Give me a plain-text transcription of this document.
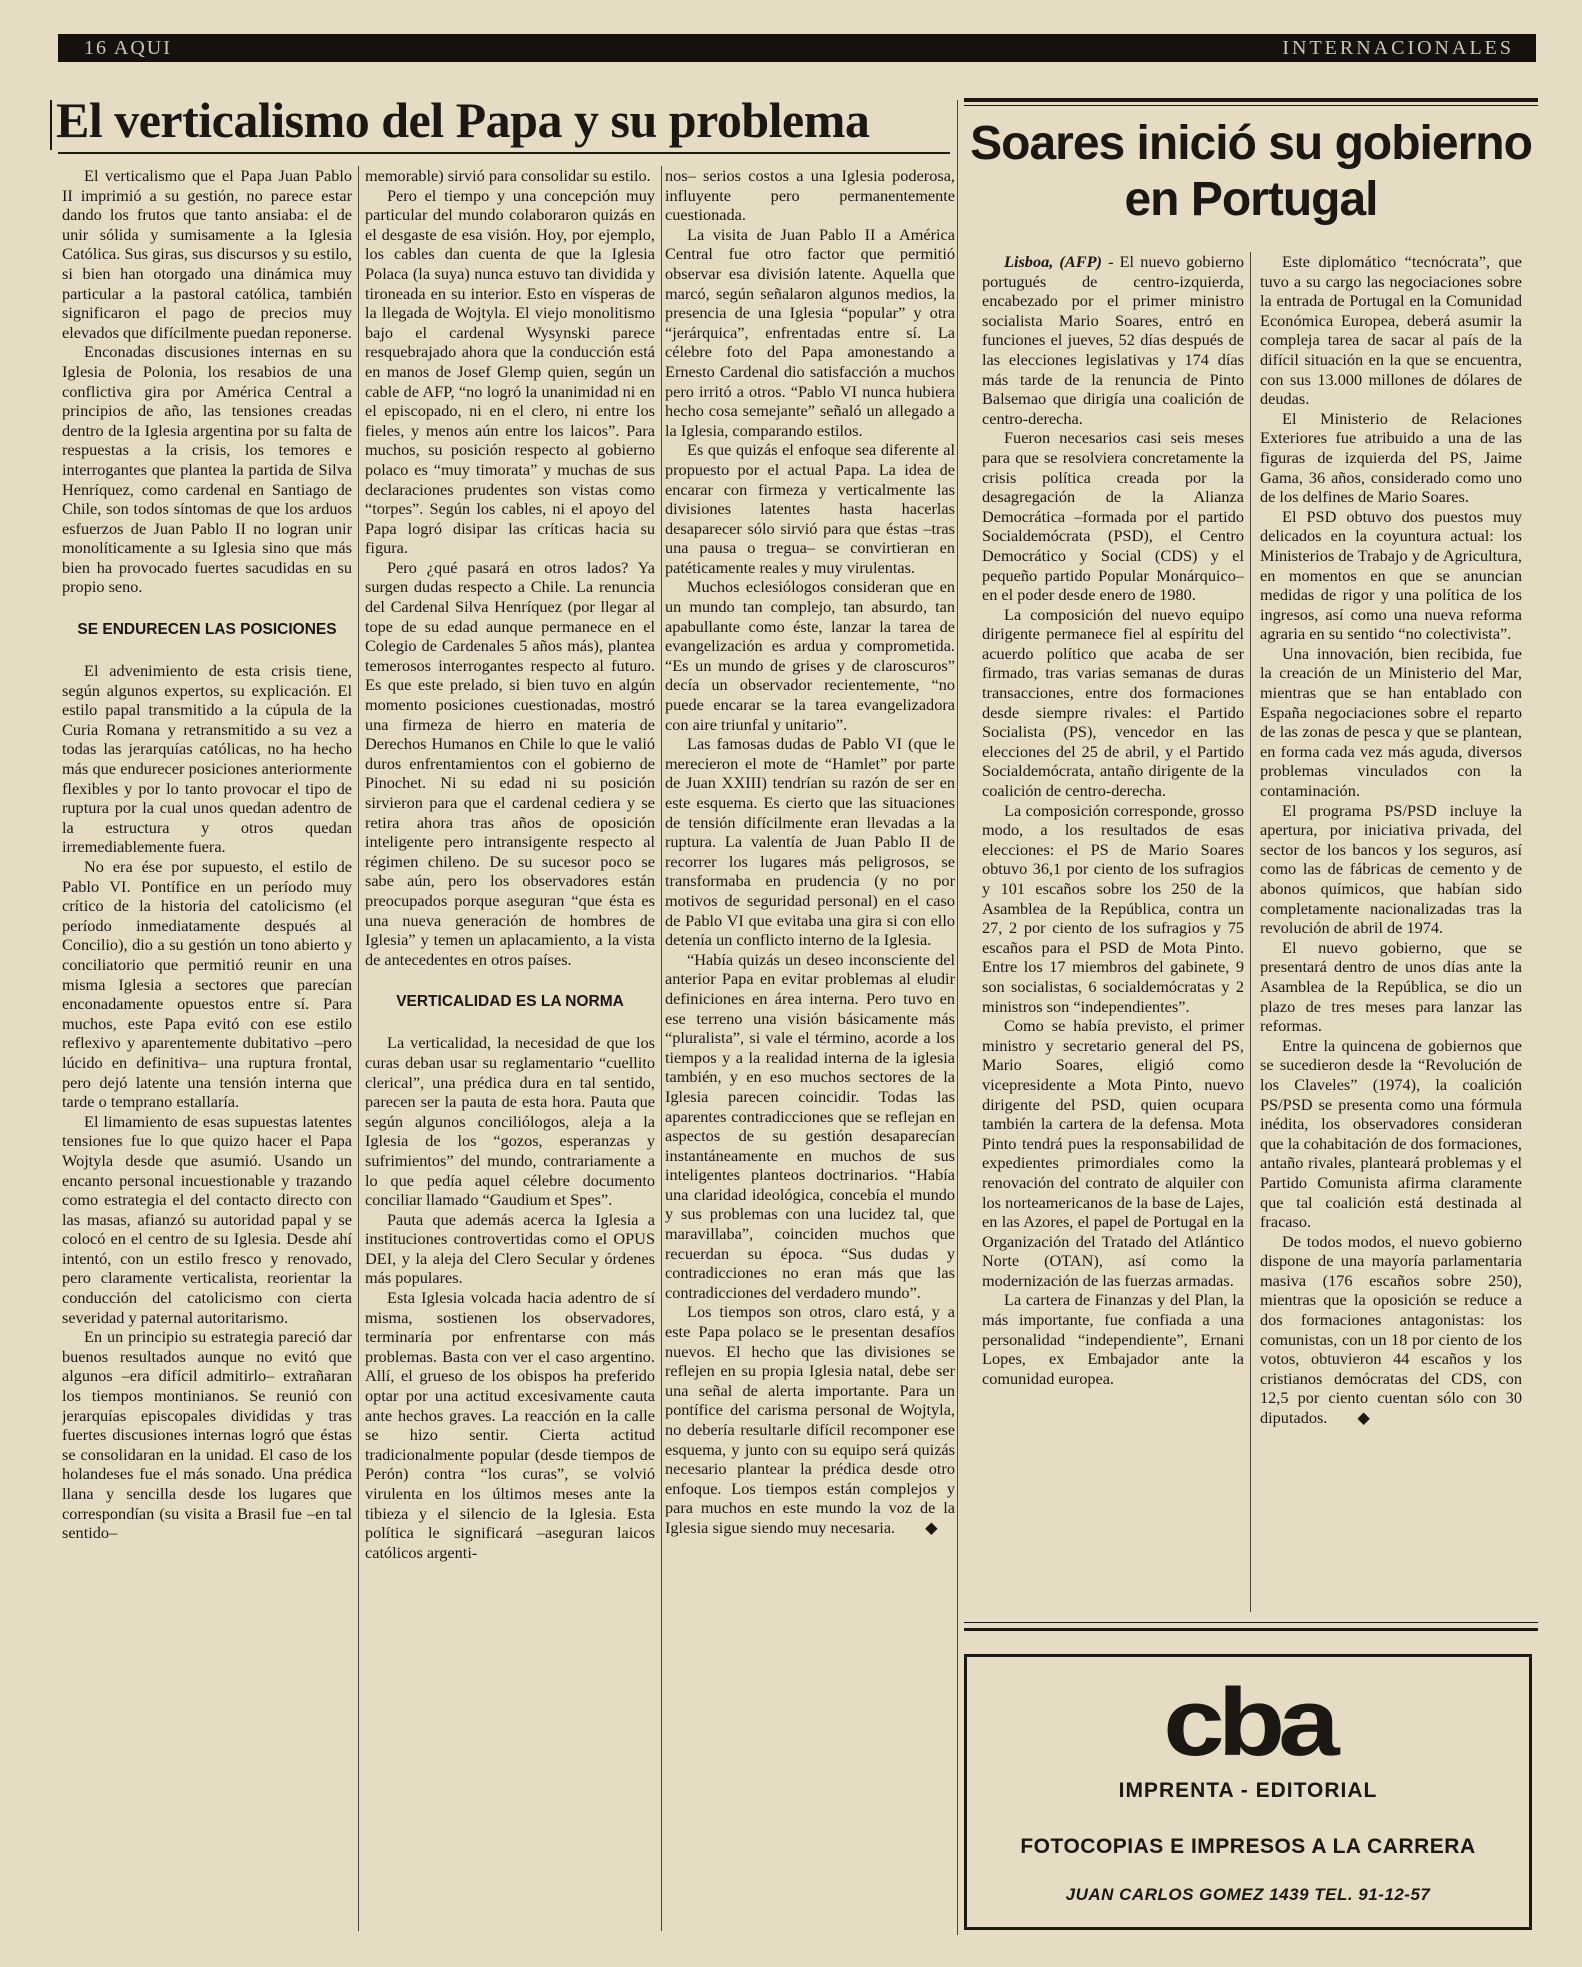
16 AQUI	INTERNACIONALES
El verticalismo del Papa y su problema

El verticalismo que el Papa Juan Pablo II imprimió a su gestión, no parece estar dando los frutos que tanto ansiaba: el de unir sólida y sumisamente a la Iglesia Católica. Sus giras, sus discursos y su estilo, si bien han otorgado una dinámica muy particular a la pastoral católica, también significaron el pago de precios muy elevados que difícilmente puedan reponerse.

Enconadas discusiones internas en su Iglesia de Polonia, los resabios de una conflictiva gira por América Central a principios de año, las tensiones creadas dentro de la Iglesia argentina por su falta de respuestas a la crisis, los temores e interrogantes que plantea la partida de Silva Henríquez, como cardenal en Santiago de Chile, son todos síntomas de que los arduos esfuerzos de Juan Pablo II no logran unir monolíticamente a su Iglesia sino que más bien ha provocado fuertes sacudidas en su propio seno.

SE ENDURECEN LAS POSICIONES

El advenimiento de esta crisis tiene, según algunos expertos, su explicación. El estilo papal transmitido a la cúpula de la Curia Romana y retransmitido a su vez a todas las jerarquías católicas, no ha hecho más que endurecer posiciones anteriormente flexibles y por lo tanto provocar el tipo de ruptura por la cual unos quedan adentro de la estructura y otros quedan irremediablemente fuera.

No era ése por supuesto, el estilo de Pablo VI. Pontífice en un período muy crítico de la historia del catolicismo (el período inmediatamente después al Concilio), dio a su gestión un tono abierto y conciliatorio que permitió reunir en una misma Iglesia a sectores que parecían enconadamente opuestos entre sí. Para muchos, este Papa evitó con ese estilo reflexivo y aparentemente dubitativo –pero lúcido en definitiva– una ruptura frontal, pero dejó latente una tensión interna que tarde o temprano estallaría.

El limamiento de esas supuestas latentes tensiones fue lo que quizo hacer el Papa Wojtyla desde que asumió. Usando un encanto personal incuestionable y trazando como estrategia el del contacto directo con las masas, afianzó su autoridad papal y se colocó en el centro de su Iglesia. Desde ahí intentó, con un estilo fresco y renovado, pero claramente verticalista, reorientar la conducción del catolicismo con cierta severidad y paternal autoritarismo.

En un principio su estrategia pareció dar buenos resultados aunque no evitó que algunos –era difícil admitirlo– extrañaran los tiempos montinianos. Se reunió con jerarquías episcopales divididas y tras fuertes discusiones internas logró que éstas se consolidaran en la unidad. El caso de los holandeses fue el más sonado. Una prédica llana y sencilla desde los lugares que correspondían (su visita a Brasil fue –en tal sentido–

memorable) sirvió para consolidar su estilo.

Pero el tiempo y una concepción muy particular del mundo colaboraron quizás en el desgaste de esa visión. Hoy, por ejemplo, los cables dan cuenta de que la Iglesia Polaca (la suya) nunca estuvo tan dividida y tironeada en su interior. Esto en vísperas de la llegada de Wojtyla. El viejo monolitismo bajo el cardenal Wysynski parece resquebrajado ahora que la conducción está en manos de Josef Glemp quien, según un cable de AFP, “no logró la unanimidad ni en el episcopado, ni en el clero, ni entre los fieles, y menos aún entre los laicos”. Para muchos, su posición respecto al gobierno polaco es “muy timorata” y muchas de sus declaraciones prudentes son vistas como “torpes”. Según los cables, ni el apoyo del Papa logró disipar las críticas hacia su figura.

Pero ¿qué pasará en otros lados? Ya surgen dudas respecto a Chile. La renuncia del Cardenal Silva Henríquez (por llegar al tope de su edad aunque permanece en el Colegio de Cardenales 5 años más), plantea temerosos interrogantes respecto al futuro. Es que este prelado, si bien tuvo en algún momento posiciones cuestionadas, mostró una firmeza de hierro en materia de Derechos Humanos en Chile lo que le valió duros enfrentamientos con el gobierno de Pinochet. Ni su edad ni su posición sirvieron para que el cardenal cediera y se retira ahora tras años de oposición inteligente pero intransigente respecto al régimen chileno. De su sucesor poco se sabe aún, pero los observadores están preocupados porque aseguran “que ésta es una nueva generación de hombres de Iglesia” y temen un aplacamiento, a la vista de antecedentes en otros países.

VERTICALIDAD ES LA NORMA

La verticalidad, la necesidad de que los curas deban usar su reglamentario “cuellito clerical”, una prédica dura en tal sentido, parecen ser la pauta de esta hora. Pauta que según algunos conciliólogos, aleja a la Iglesia de los “gozos, esperanzas y sufrimientos” del mundo, contrariamente a lo que pedía aquel célebre documento conciliar llamado “Gaudium et Spes”.

Pauta que además acerca la Iglesia a instituciones controvertidas como el OPUS DEI, y la aleja del Clero Secular y órdenes más populares.

Esta Iglesia volcada hacia adentro de sí misma, sostienen los observadores, terminaría por enfrentarse con más problemas. Basta con ver el caso argentino. Allí, el grueso de los obispos ha preferido optar por una actitud excesivamente cauta ante hechos graves. La reacción en la calle se hizo sentir. Cierta actitud tradicionalmente popular (desde tiempos de Perón) contra “los curas”, se volvió virulenta en los últimos meses ante la tibieza y el silencio de la Iglesia. Esta política le significará –aseguran laicos católicos argenti-

nos– serios costos a una Iglesia poderosa, influyente pero permanentemente cuestionada.

La visita de Juan Pablo II a América Central fue otro factor que permitió observar esa división latente. Aquella que marcó, según señalaron algunos medios, la presencia de una Iglesia “popular” y otra “jerárquica”, enfrentadas entre sí. La célebre foto del Papa amonestando a Ernesto Cardenal dio satisfacción a muchos pero irritó a otros. “Pablo VI nunca hubiera hecho cosa semejante” señaló un allegado a la Iglesia, comparando estilos.

Es que quizás el enfoque sea diferente al propuesto por el actual Papa. La idea de encarar con firmeza y verticalmente las divisiones latentes hasta hacerlas desaparecer sólo sirvió para que éstas –tras una pausa o tregua– se convirtieran en patéticamente reales y muy virulentas.

Muchos eclesiólogos consideran que en un mundo tan complejo, tan absurdo, tan apabullante como éste, lanzar la tarea de evangelización es ardua y comprometida. “Es un mundo de grises y de claroscuros” decía un observador recientemente, “no puede encarar se la tarea evangelizadora con aire triunfal y unitario”.

Las famosas dudas de Pablo VI (que le merecieron el mote de “Hamlet” por parte de Juan XXIII) tendrían su razón de ser en este esquema. Es cierto que las situaciones de tensión difícilmente eran llevadas a la ruptura. La valentía de Juan Pablo II de recorrer los lugares más peligrosos, se transformaba en prudencia (y no por motivos de seguridad personal) en el caso de Pablo VI que evitaba una gira si con ello detenía un conflicto interno de la Iglesia.

“Había quizás un deseo inconsciente del anterior Papa en evitar problemas al eludir definiciones en área interna. Pero tuvo en ese terreno una visión básicamente más “pluralista”, si vale el término, acorde a los tiempos y a la realidad interna de la iglesia también, y en eso muchos sectores de la Iglesia parecen coincidir. Todas las aparentes contradicciones que se reflejan en aspectos de su gestión desaparecían instantáneamente en muchos de sus inteligentes planteos doctrinarios. “Había una claridad ideológica, concebía el mundo y sus problemas con una lucidez tal, que maravillaba”, coinciden muchos que recuerdan su época. “Sus dudas y contradicciones no eran más que las contradicciones del verdadero mundo”.

Los tiempos son otros, claro está, y a este Papa polaco se le presentan desafíos nuevos. El hecho que las divisiones se reflejen en su propia Iglesia natal, debe ser una señal de alerta importante. Para un pontífice del carisma personal de Wojtyla, no debería resultarle difícil recomponer ese esquema, y junto con su equipo será quizás necesario plantear la prédica desde otro enfoque. Los tiempos están complejos y para muchos en este mundo la voz de la Iglesia sigue siendo muy necesaria. ◆

Soares inició su gobierno en Portugal

Lisboa, (AFP) - El nuevo gobierno portugués de centro-izquierda, encabezado por el primer ministro socialista Mario Soares, entró en funciones el jueves, 52 días después de las elecciones legislativas y 174 días más tarde de la renuncia de Pinto Balsemao que dirigía una coalición de centro-derecha.

Fueron necesarios casi seis meses para que se resolviera concretamente la crisis política creada por la desagregación de la Alianza Democrática –formada por el partido Socialdemócrata (PSD), el Centro Democrático y Social (CDS) y el pequeño partido Popular Monárquico– en el poder desde enero de 1980.

La composición del nuevo equipo dirigente permanece fiel al espíritu del acuerdo político que acaba de ser firmado, tras varias semanas de duras transacciones, entre dos formaciones desde siempre rivales: el Partido Socialista (PS), vencedor en las elecciones del 25 de abril, y el Partido Socialdemócrata, antaño dirigente de la coalición de centro-derecha.

La composición corresponde, grosso modo, a los resultados de esas elecciones: el PS de Mario Soares obtuvo 36,1 por ciento de los sufragios y 101 escaños sobre los 250 de la Asamblea de la República, contra un 27, 2 por ciento de los sufragios y 75 escaños para el PSD de Mota Pinto. Entre los 17 miembros del gabinete, 9 son socialistas, 6 socialdemócratas y 2 ministros son “independientes”.

Como se había previsto, el primer ministro y secretario general del PS, Mario Soares, eligió como vicepresidente a Mota Pinto, nuevo dirigente del PSD, quien ocupara también la cartera de la defensa. Mota Pinto tendrá pues la responsabilidad de expedientes primordiales como la renovación del contrato de alquiler con los norteamericanos de la base de Lajes, en las Azores, el papel de Portugal en la Organización del Tratado del Atlántico Norte (OTAN), así como la modernización de las fuerzas armadas.

La cartera de Finanzas y del Plan, la más importante, fue confiada a una personalidad “independiente”, Ernani Lopes, ex Embajador ante la comunidad europea.

Este diplomático “tecnócrata”, que tuvo a su cargo las negociaciones sobre la entrada de Portugal en la Comunidad Económica Europea, deberá asumir la compleja tarea de sacar al país de la difícil situación en la que se encuentra, con sus 13.000 millones de dólares de deudas.

El Ministerio de Relaciones Exteriores fue atribuido a una de las figuras de izquierda del PS, Jaime Gama, 36 años, considerado como uno de los delfines de Mario Soares.

El PSD obtuvo dos puestos muy delicados en la coyuntura actual: los Ministerios de Trabajo y de Agricultura, en momentos en que se anuncian medidas de rigor y una política de los ingresos, así como una nueva reforma agraria en su sentido “no colectivista”.

Una innovación, bien recibida, fue la creación de un Ministerio del Mar, mientras que se han entablado con España negociaciones sobre el reparto de las zonas de pesca y que se plantean, en forma cada vez más aguda, diversos problemas vinculados con la contaminación.

El programa PS/PSD incluye la apertura, por iniciativa privada, del sector de los bancos y los seguros, así como las de fábricas de cemento y de abonos químicos, que habían sido completamente nacionalizadas tras la revolución de abril de 1974.

El nuevo gobierno, que se presentará dentro de unos días ante la Asamblea de la República, se dio un plazo de tres meses para lanzar las reformas.

Entre la quincena de gobiernos que se sucedieron desde la “Revolución de los Claveles” (1974), la coalición PS/PSD se presenta como una fórmula inédita, los observadores consideran que la cohabitación de dos formaciones, antaño rivales, planteará problemas y el Partido Comunista afirma claramente que tal coalición está destinada al fracaso.

De todos modos, el nuevo gobierno dispone de una mayoría parlamentaria masiva (176 escaños sobre 250), mientras que la oposición se reduce a dos formaciones antagonistas: los comunistas, con un 18 por ciento de los votos, obtuvieron 44 escaños y los cristianos demócratas del CDS, con 12,5 por ciento cuentan sólo con 30 diputados. ◆

cba
IMPRENTA - EDITORIAL
FOTOCOPIAS E IMPRESOS A LA CARRERA
JUAN CARLOS GOMEZ 1439 TEL. 91-12-57
